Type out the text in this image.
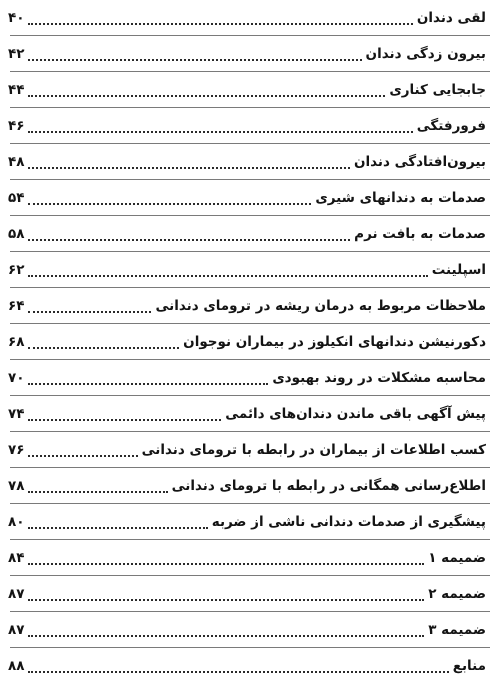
لقی دندان
۴۰
بیرون زدگی دندان
۴۲
جابجایی کناری
۴۴
فرورفتگی
۴۶
بیرون‌افتادگی دندان
۴۸
صدمات به دندانهای شیری
۵۴
صدمات به بافت نرم
۵۸
اسپلینت
۶۲
ملاحظات مربوط به درمان ریشه در ترومای دندانی
۶۴
دکورنیشن دندانهای انکیلوز در بیماران نوجوان
۶۸
محاسبه مشکلات در روند بهبودی
۷۰
پیش آگهی باقی ماندن دندان‌های دائمی
۷۴
کسب اطلاعات از بیماران در رابطه با ترومای دندانی
۷۶
اطلاع‌رسانی همگانی در رابطه با ترومای دندانی
۷۸
پیشگیری از صدمات دندانی ناشی از ضربه
۸۰
ضمیمه ۱
۸۴
ضمیمه ۲
۸۷
ضمیمه ۳
۸۷
منابع
۸۸
